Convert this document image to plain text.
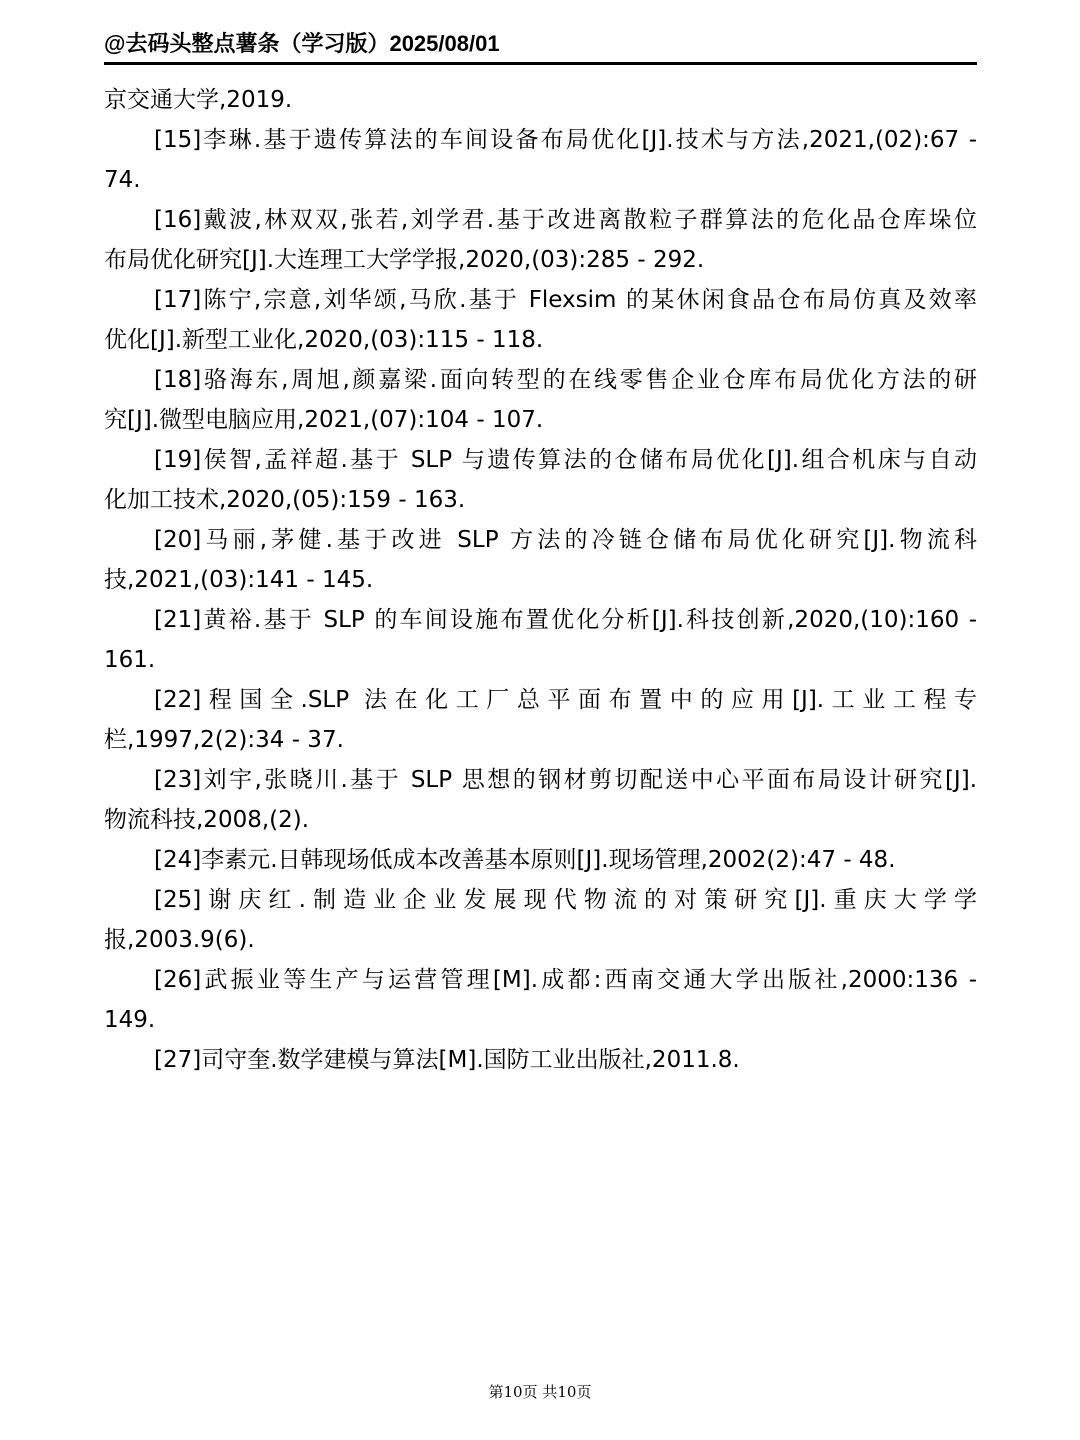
@去码头整点薯条（学习版）2025/08/01
京交通大学,2019.
[15]李琳.基于遗传算法的车间设备布局优化[J].技术与方法,2021,(02):67 -
74.
[16]戴波,林双双,张若,刘学君.基于改进离散粒子群算法的危化品仓库垛位
布局优化研究[J].大连理工大学学报,2020,(03):285 - 292.
[17]陈宁,宗意,刘华颂,马欣.基于 Flexsim 的某休闲食品仓布局仿真及效率
优化[J].新型工业化,2020,(03):115 - 118.
[18]骆海东,周旭,颜嘉梁.面向转型的在线零售企业仓库布局优化方法的研
究[J].微型电脑应用,2021,(07):104 - 107.
[19]侯智,孟祥超.基于 SLP 与遗传算法的仓储布局优化[J].组合机床与自动
化加工技术,2020,(05):159 - 163.
[20]马丽,茅健.基于改进 SLP 方法的冷链仓储布局优化研究[J].物流科
技,2021,(03):141 - 145.
[21]黄裕.基于 SLP 的车间设施布置优化分析[J].科技创新,2020,(10):160 -
161.
[22]程国全.SLP 法在化工厂总平面布置中的应用[J].工业工程专
栏,1997,2(2):34 - 37.
[23]刘宇,张晓川.基于 SLP 思想的钢材剪切配送中心平面布局设计研究[J].
物流科技,2008,(2).
[24]李素元.日韩现场低成本改善基本原则[J].现场管理,2002(2):47 - 48.
[25]谢庆红.制造业企业发展现代物流的对策研究[J].重庆大学学
报,2003.9(6).
[26]武振业等生产与运营管理[M].成都:西南交通大学出版社,2000:136 -
149.
[27]司守奎.数学建模与算法[M].国防工业出版社,2011.8.
第10页 共10页
